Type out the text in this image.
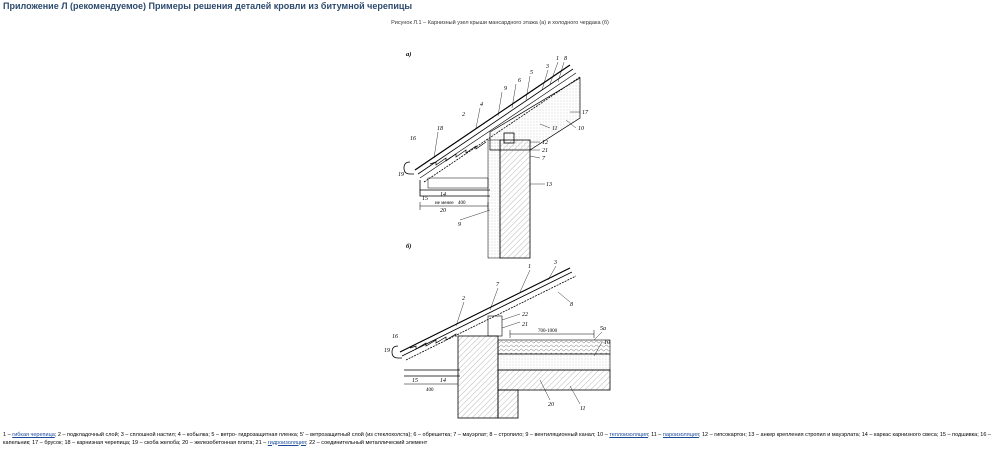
Приложение Л (рекомендуемое) Примеры решения деталей кровли из битумной черепицы
Рисунок Л.1 – Карнизный узел крыши мансардного этажа (а) и холодного чердака (б)
а)
не менее 400
1 8
3
5
6
9
4
2
18
16
19
15
14
20
9
13
7
21
12
11	10
17
б)
700-1000
400
1
3
7
2
8
22
21
16
19
15	14
5а
10
20
11
1 – гибкая черепица; 2 – подкладочный слой; 3 – сплошной настил; 4 – кобылка; 5 – ветро- гидрозащитная пленка; 5' – ветрозащитный слой (из стеклохолста); 6 – обрешетка; 7 – мауэрлат; 8 – стропило; 9 – вентиляционный канал; 10 – теплоизоляция; 11 – пароизоляция; 12 – гипсокартон; 13 – анкер крепления стропил и мауэрлата; 14 – каркас карнизного свеса; 15 – подшивка; 16 – капельник; 17 – брусок; 18 – карнизная черепица; 19 – скоба желоба; 20 – железобетонная плита; 21 – гидроизоляция; 22 – соединительный металлический элемент
